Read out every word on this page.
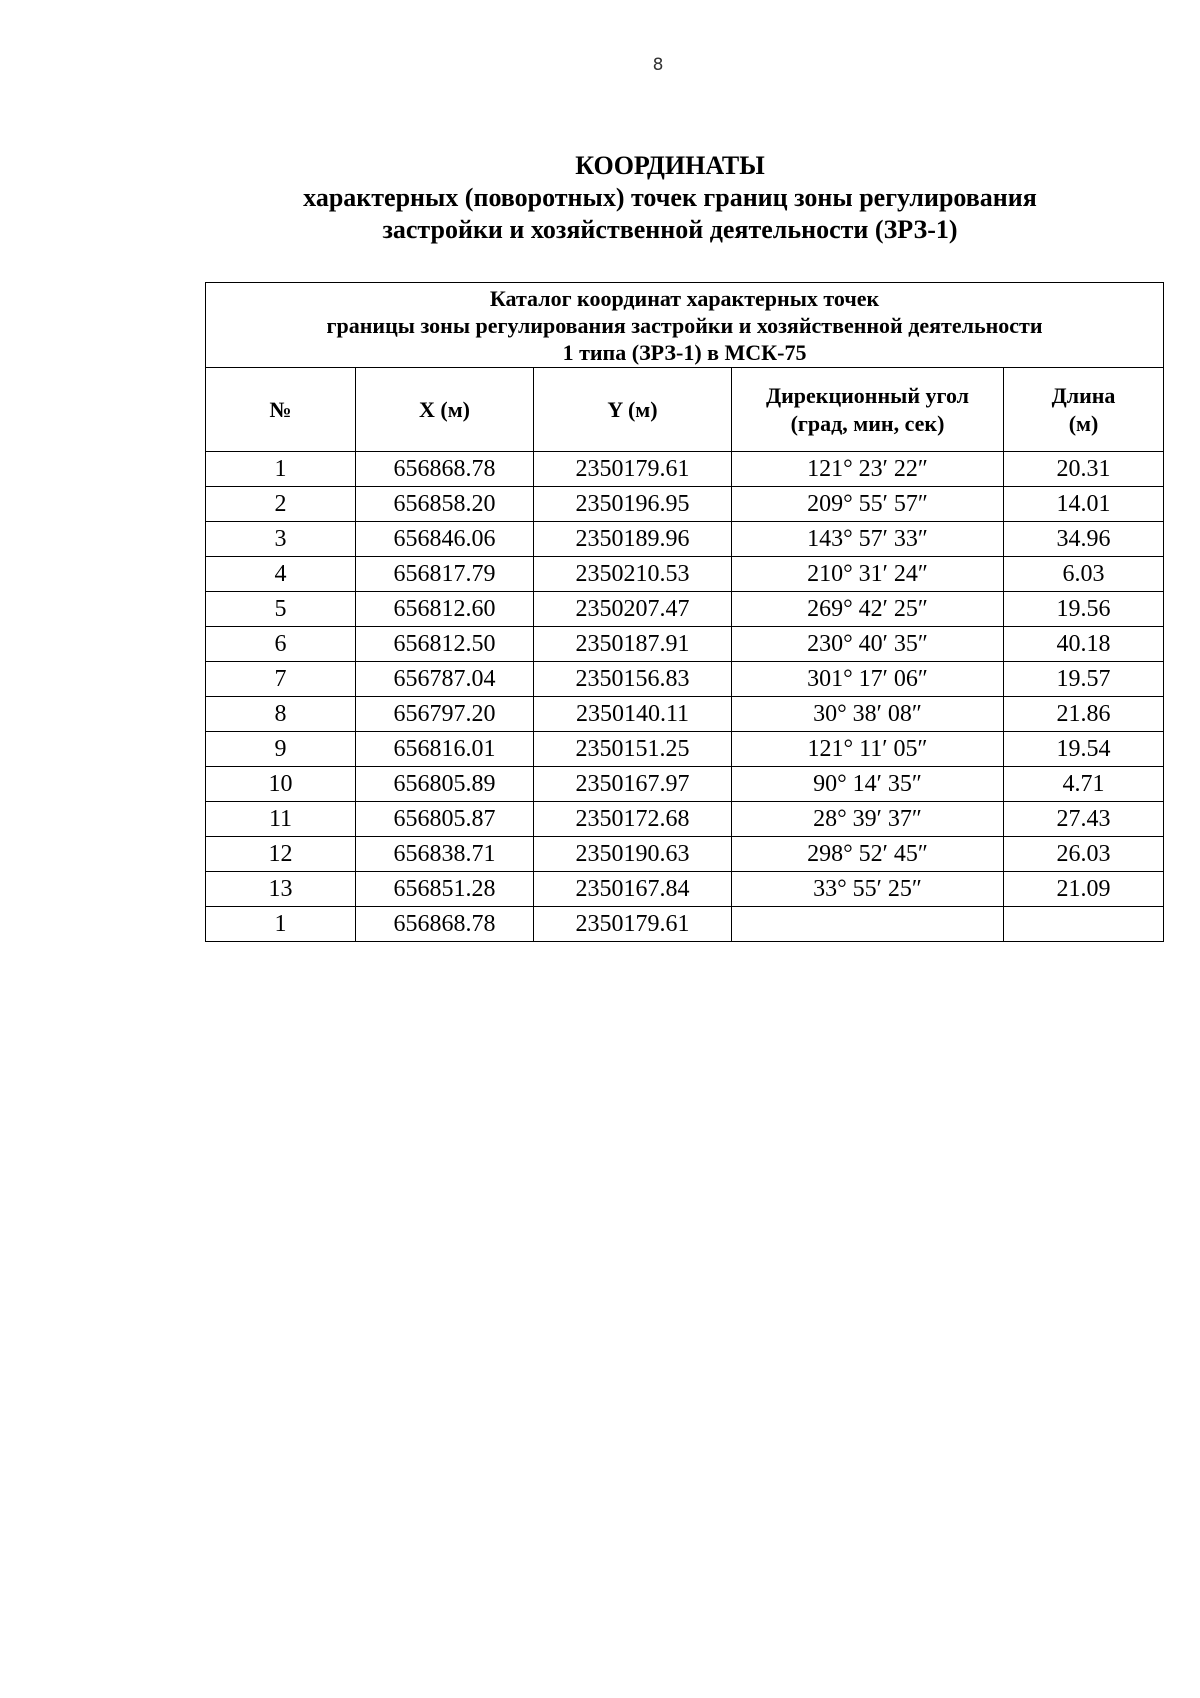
8
КООРДИНАТЫ
характерных (поворотных) точек границ зоны регулирования
застройки и хозяйственной деятельности (ЗРЗ-1)
Каталог координат характерных точек
границы зоны регулирования застройки и хозяйственной деятельности
1 типа (ЗРЗ-1) в МСК-75				

№	X (м)	Y (м)	Дирекционный угол
(град, мин, сек)	Длина
(м)

1	656868.78	2350179.61	121° 23′ 22″	20.31
2	656858.20	2350196.95	209° 55′ 57″	14.01
3	656846.06	2350189.96	143° 57′ 33″	34.96
4	656817.79	2350210.53	210° 31′ 24″	6.03
5	656812.60	2350207.47	269° 42′ 25″	19.56
6	656812.50	2350187.91	230° 40′ 35″	40.18
7	656787.04	2350156.83	301° 17′ 06″	19.57
8	656797.20	2350140.11	30° 38′ 08″	21.86
9	656816.01	2350151.25	121° 11′ 05″	19.54
10	656805.89	2350167.97	90° 14′ 35″	4.71
11	656805.87	2350172.68	28° 39′ 37″	27.43
12	656838.71	2350190.63	298° 52′ 45″	26.03
13	656851.28	2350167.84	33° 55′ 25″	21.09
1	656868.78	2350179.61		
